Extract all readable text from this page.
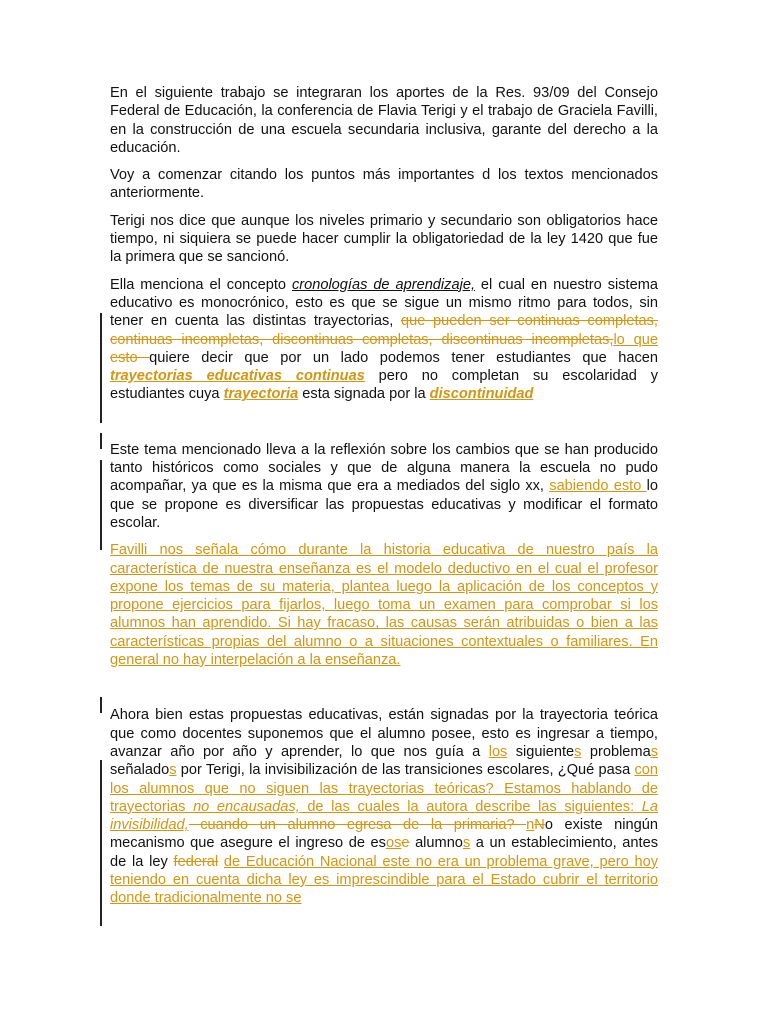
En el siguiente trabajo se integraran los aportes de la Res. 93/09 del Consejo Federal de Educación, la conferencia de Flavia Terigi y el trabajo de Graciela Favilli, en la construcción de una escuela secundaria inclusiva, garante del derecho a la educación.

Voy a comenzar citando los puntos más importantes d los textos mencionados anteriormente.

Terigi nos dice que aunque los niveles primario y secundario son obligatorios hace tiempo, ni siquiera se puede hacer cumplir la obligatoriedad de la ley 1420 que fue la primera que se sancionó.

Ella menciona el concepto cronologías de aprendizaje, el cual en nuestro sistema educativo es monocrónico, esto es que se sigue un mismo ritmo para todos, sin tener en cuenta las distintas trayectorias, que pueden ser continuas completas, continuas incompletas, discontinuas completas, discontinuas incompletas,lo que esto quiere decir que por un lado podemos tener estudiantes que hacen trayectorias educativas continuas pero no completan su escolaridad y estudiantes cuya trayectoria esta signada por la discontinuidad

Este tema mencionado lleva a la reflexión sobre los cambios que se han producido tanto históricos como sociales y que de alguna manera la escuela no pudo acompañar, ya que es la misma que era a mediados del siglo xx, sabiendo esto lo que se propone es diversificar las propuestas educativas y modificar el formato escolar.

Favilli nos señala cómo durante la historia educativa de nuestro país la característica de nuestra enseñanza es el modelo deductivo en el cual el profesor expone los temas de su materia, plantea luego la aplicación de los conceptos y propone ejercicios para fijarlos, luego toma un examen para comprobar si los alumnos han aprendido. Si hay fracaso, las causas serán atribuidas o bien a las características propias del alumno o a situaciones contextuales o familiares. En general no hay interpelación a la enseñanza.

Ahora bien estas propuestas educativas, están signadas por la trayectoria teórica que como docentes suponemos que el alumno posee, esto es ingresar a tiempo, avanzar año por año y aprender, lo que nos guía a los siguientes problemas señalados por Terigi, la invisibilización de las transiciones escolares, ¿Qué pasa con los alumnos que no siguen las trayectorias teóricas? Estamos hablando de trayectorias no encausadas, de las cuales la autora describe las siguientes: La invisibilidad, cuando un alumno egresa de la primaria? nNo existe ningún mecanismo que asegure el ingreso de esose alumnos a un establecimiento, antes de la ley federal de Educación Nacional este no era un problema grave, pero hoy teniendo en cuenta dicha ley es imprescindible para el Estado cubrir el territorio donde tradicionalmente no se
